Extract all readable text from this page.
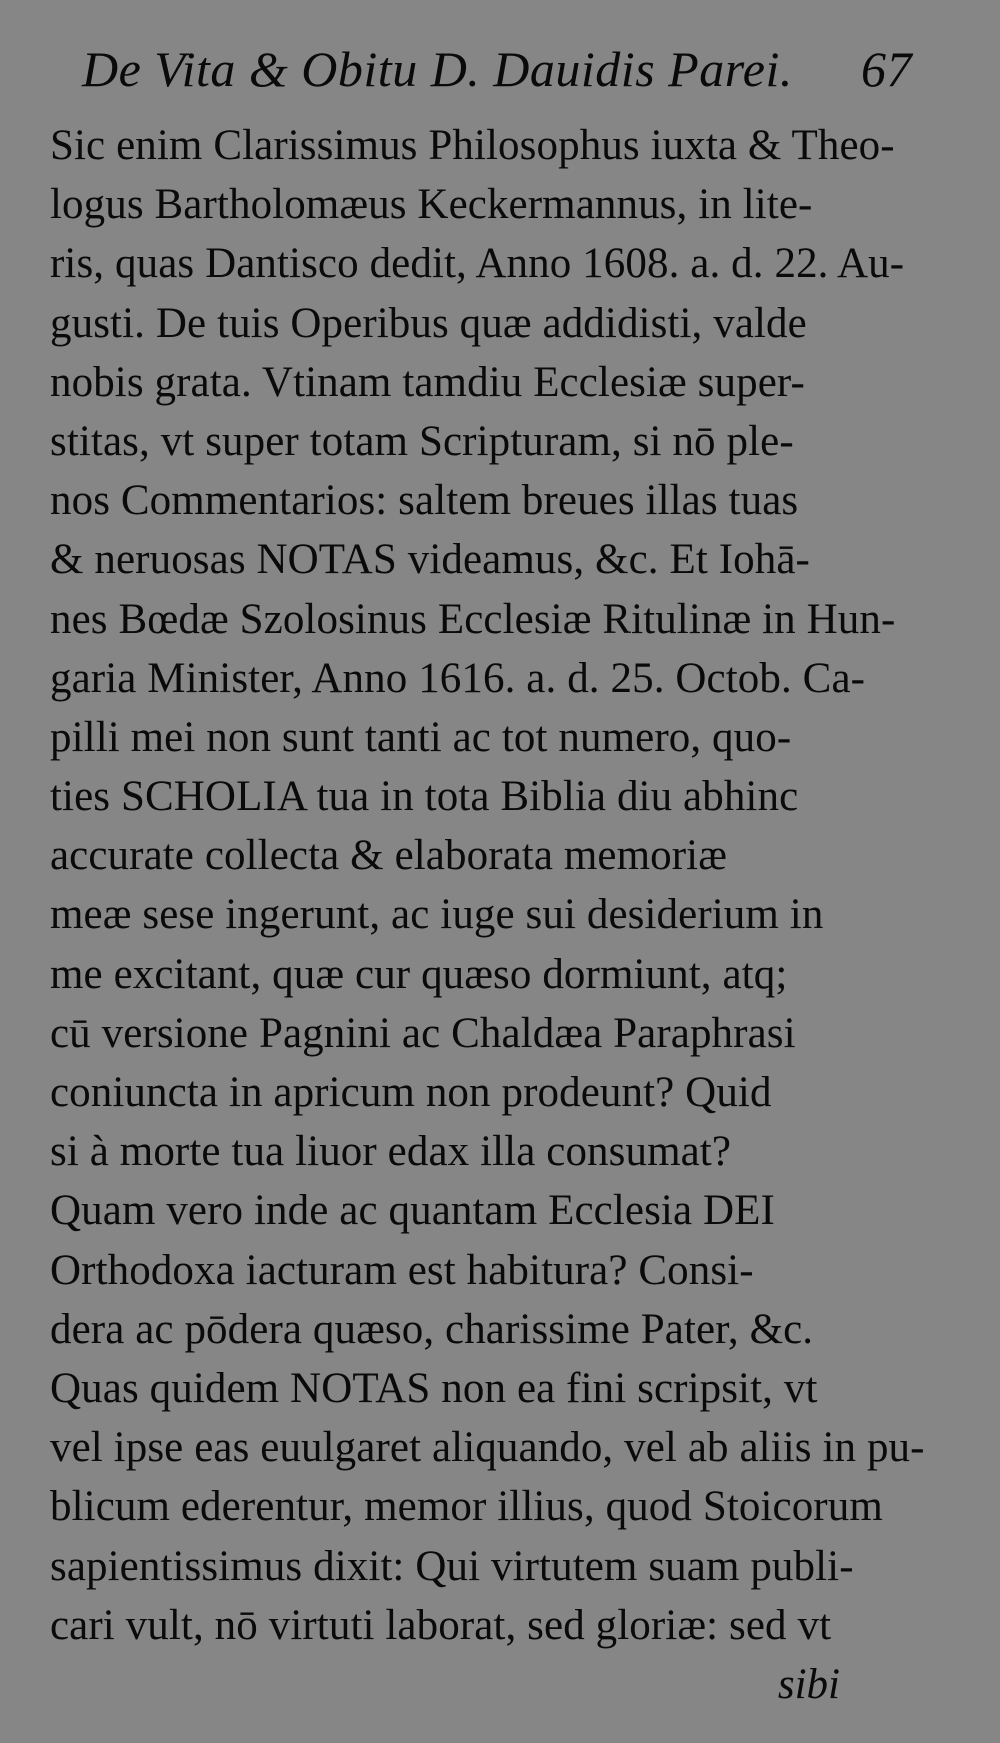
De Vita & Obitu D. Dauidis Parei. 67
Sic enim Clarissimus Philosophus iuxta & Theo-
logus Bartholomæus Keckermannus, in lite-
ris, quas Dantisco dedit, Anno 1608. a. d. 22. Au-
gusti. De tuis Operibus quæ addidisti, valde
nobis grata. Vtinam tamdiu Ecclesiæ super-
stitas, vt super totam Scripturam, si nō ple-
nos Commentarios: saltem breues illas tuas
& neruosas NOTAS videamus, &c. Et Iohā-
nes Bœdæ Szolosinus Ecclesiæ Ritulinæ in Hun-
garia Minister, Anno 1616. a. d. 25. Octob. Ca-
pilli mei non sunt tanti ac tot numero, quo-
ties SCHOLIA tua in tota Biblia diu abhinc
accurate collecta & elaborata memoriæ
meæ sese ingerunt, ac iuge sui desiderium in
me excitant, quæ cur quæso dormiunt, atq;
cū versione Pagnini ac Chaldæa Paraphrasi
coniuncta in apricum non prodeunt? Quid
si à morte tua liuor edax illa consumat?
Quam vero inde ac quantam Ecclesia DEI
Orthodoxa iacturam est habitura? Consi-
dera ac pōdera quæso, charissime Pater, &c.
Quas quidem NOTAS non ea fini scripsit, vt
vel ipse eas euulgaret aliquando, vel ab aliis in pu-
blicum ederentur, memor illius, quod Stoicorum
sapientissimus dixit: Qui virtutem suam publi-
cari vult, nō virtuti laborat, sed gloriæ: sed vt
sibi
